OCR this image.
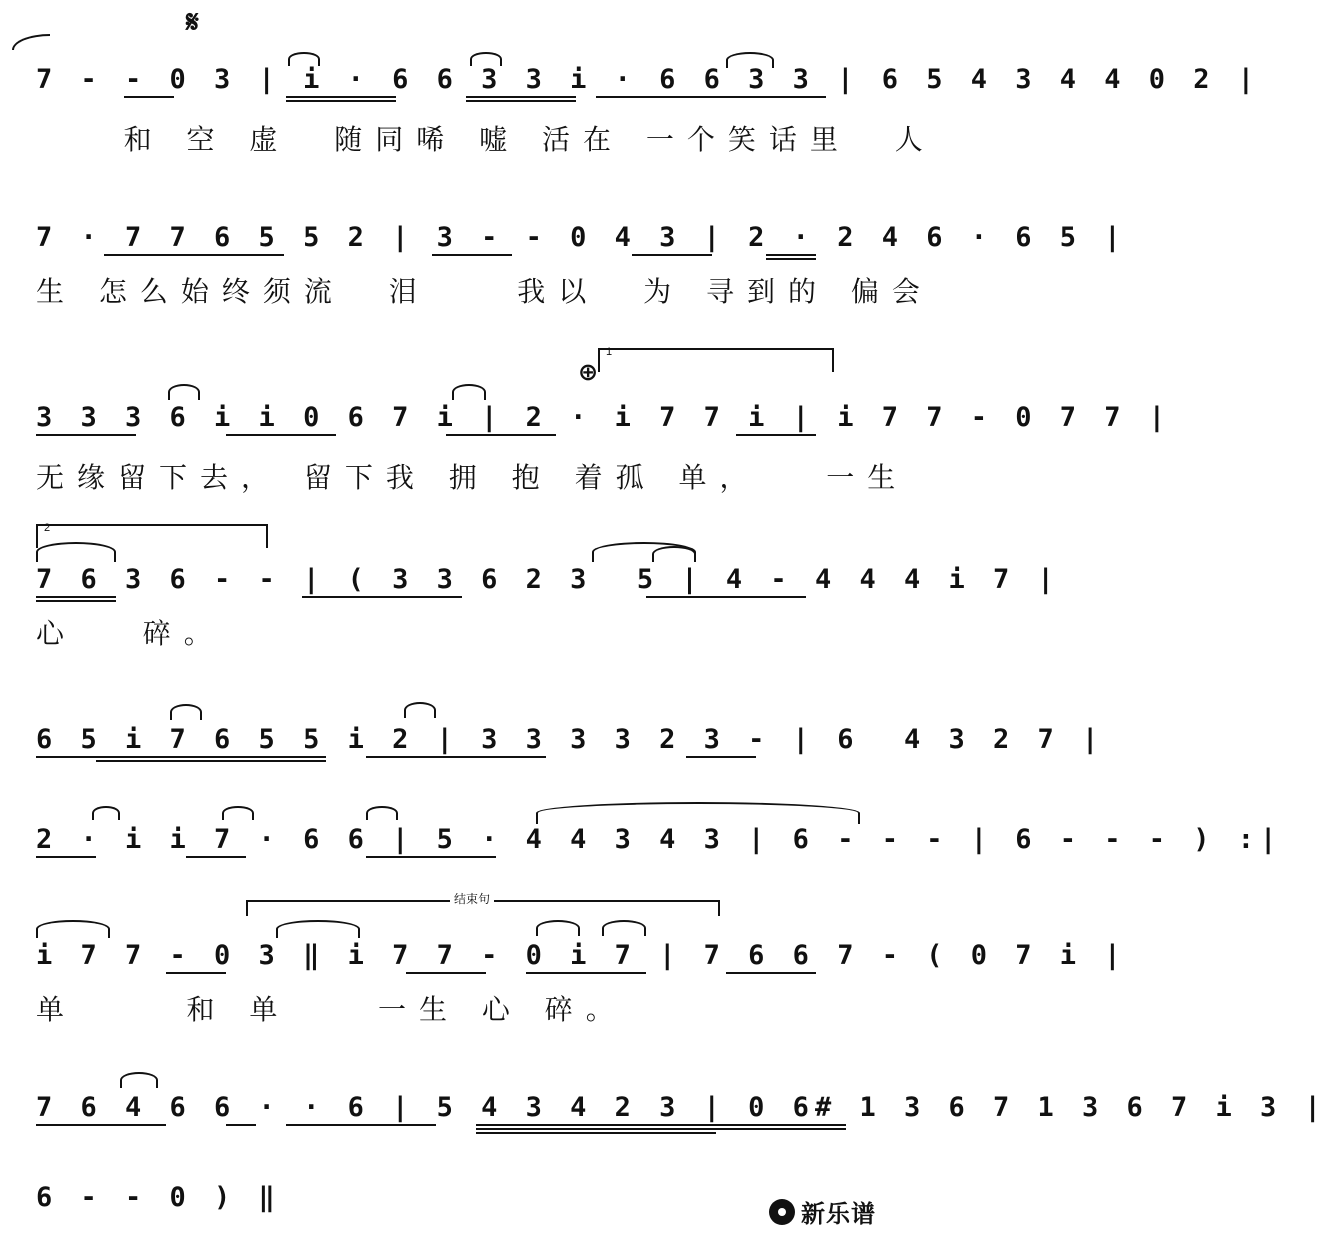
𝄋
7 - - 0 3 | i · 6 6 3 3 i · 6 6 3 3 | 6 5 4 3 4 4 0 2 |
和 空 虚  随同唏 嘘 活在 一个笑话里  人
7 · 7 7 6 5 5 2 | 3 - - 0 4 3 | 2 · 2 4 6 · 6 5 |
生 怎么始终须流  泪    我以  为 寻到的 偏会
⊕
1
3 3 3 6 i i 0 6 7 i | 2 · i 7 7 i | i 7 7 - 0 7 7 |
无缘留下去， 留下我 拥 抱 着孤 单，   一生
2
7 6 3 6 - - | ( 3 3 6 2 3  5 | 4 - 4 4 4 i 7 |
心   碎。
6 5 i 7 6 5 5 i 2 | 3 3 3 3 2 3 - | 6  4 3 2 7 |
2 · i i 7 · 6 6 | 5 · 4 4 3 4 3 | 6 - - - | 6 - - - ) :|
结束句
i 7 7 - 0 3 ‖ i 7 7 - 0 i 7 | 7 6 6 7 - ( 0 7 i |
单     和 单    一生 心 碎。
7 6 4 6 6 · · 6 | 5 4 3 4 2 3 | 0 6# 1 3 6 7 1 3 6 7 i 3 |
6 - - 0 ) ‖
新乐谱
